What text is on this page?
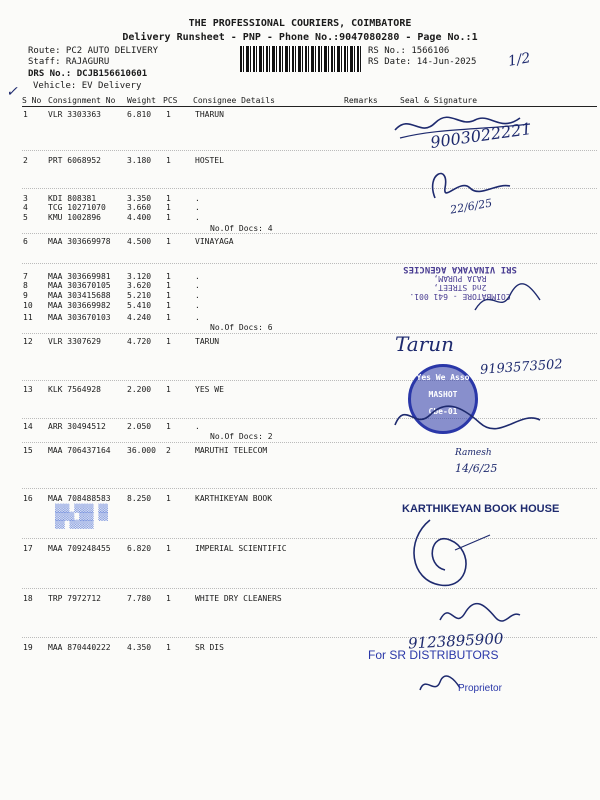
THE PROFESSIONAL COURIERS, COIMBATORE
Delivery Runsheet - PNP - Phone No.:9047080280 - Page No.:1
Route: PC2 AUTO DELIVERY
Staff: RAJAGURU
DRS No.: DCJB156610601
Vehicle: EV Delivery
RS No.: 1566106
RS Date: 14-Jun-2025 1/2
✓
S No Consignment No Weight PCS Consignee Details	Remarks	Seal & Signature
1	VLR 3303363	6.810 1	THARUN
2	PRT 6068952	3.180 1	HOSTEL
3	KDI 808381	3.350 1	.
4	TCG 10271070	3.660 1	.
5	KMU 1002896	4.400 1	.
6	MAA 303669978 4.500 1	VINAYAGA
7	MAA 303669981 3.120 1	.
8	MAA 303670105 3.620 1	.
9	MAA 303415688 5.210 1	.
10 MAA 303669982 5.410 1	.
11 MAA 303670103 4.240 1	.
12 VLR 3307629	4.720 1	TARUN
13 KLK 7564928	2.200 1	YES WE
14 ARR 30494512	2.050 1	.
15 MAA 706437164 36.000 2	MARUTHI TELECOM
16 MAA 708488583 8.250 1	KARTHIKEYAN BOOK
17 MAA 709248455 6.820 1	IMPERIAL SCIENTIFIC
18 TRP 7972712	7.780 1	WHITE DRY CLEANERS
19 MAA 870440222 4.350 1	SR DIS
No.Of Docs: 4
No.Of Docs: 6
No.Of Docs: 2
9003022221
22/6/25
COIMBATORE - 641 001.
2nd STREET,
RAJA PURAM,
SRI VINAYAKA AGENCIES
Tarun
9193573502
Yes We Asso
MASHOT
Cbe-01
Ramesh
14/6/25
KARTHIKEYAN BOOK HOUSE
9123895900
For SR DISTRIBUTORS
Proprietor
▒▒▒ ▒▒▒▒ ▒▒
▒▒▒▒ ▒▒▒ ▒▒
▒▒ ▒▒▒▒▒
